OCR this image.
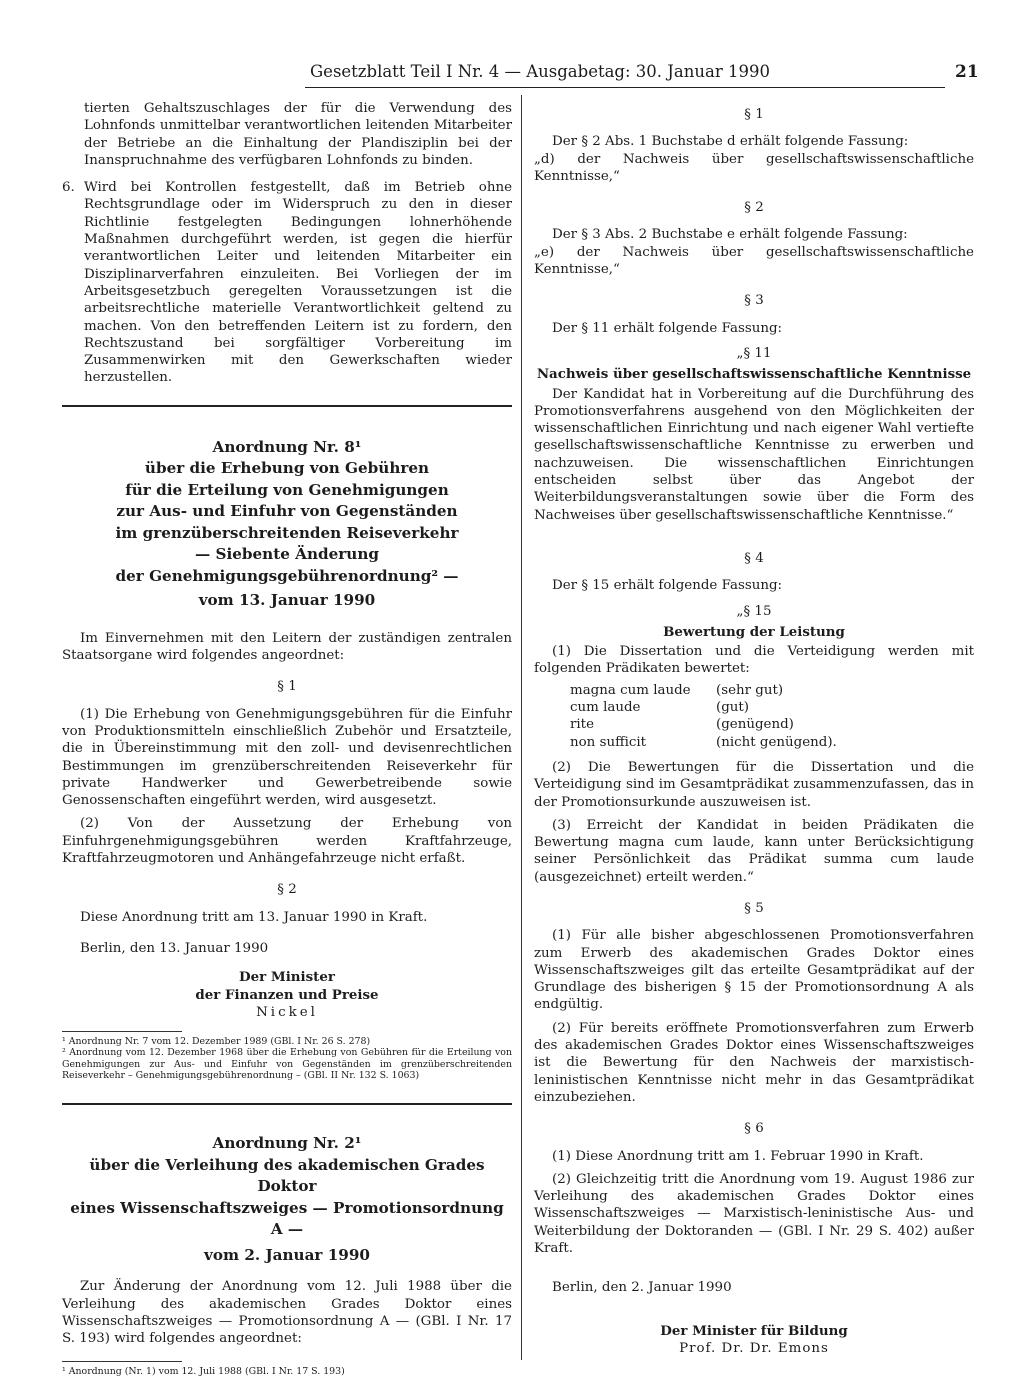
Gesetzblatt Teil I Nr. 4 — Ausgabetag: 30. Januar 1990	21

tierten Gehaltszuschlages der für die Verwendung des Lohnfonds unmittelbar verantwortlichen leitenden Mitarbeiter der Betriebe an die Einhaltung der Plandisziplin bei der Inanspruchnahme des verfügbaren Lohnfonds zu binden.

6. Wird bei Kontrollen festgestellt, daß im Betrieb ohne Rechtsgrundlage oder im Widerspruch zu den in dieser Richtlinie festgelegten Bedingungen lohnerhöhende Maßnahmen durchgeführt werden, ist gegen die hierfür verantwortlichen Leiter und leitenden Mitarbeiter ein Disziplinarverfahren einzuleiten. Bei Vorliegen der im Arbeitsgesetzbuch geregelten Voraussetzungen ist die arbeitsrechtliche materielle Verantwortlichkeit geltend zu machen. Von den betreffenden Leitern ist zu fordern, den Rechtszustand bei sorgfältiger Vorbereitung im Zusammenwirken mit den Gewerkschaften wieder herzustellen.
Anordnung Nr. 8¹
über die Erhebung von Gebühren
für die Erteilung von Genehmigungen
zur Aus- und Einfuhr von Gegenständen
im grenzüberschreitenden Reiseverkehr
— Siebente Änderung
der Genehmigungsgebührenordnung² —
vom 13. Januar 1990

Im Einvernehmen mit den Leitern der zuständigen zentralen Staatsorgane wird folgendes angeordnet:

§ 1

(1) Die Erhebung von Genehmigungsgebühren für die Einfuhr von Produktionsmitteln einschließlich Zubehör und Ersatzteile, die in Übereinstimmung mit den zoll- und devisenrechtlichen Bestimmungen im grenzüberschreitenden Reiseverkehr für private Handwerker und Gewerbetreibende sowie Genossenschaften eingeführt werden, wird ausgesetzt.

(2) Von der Aussetzung der Erhebung von Einfuhrgenehmigungsgebühren werden Kraftfahrzeuge, Kraftfahrzeugmotoren und Anhängefahrzeuge nicht erfaßt.

§ 2

Diese Anordnung tritt am 13. Januar 1990 in Kraft.

Berlin, den 13. Januar 1990

Der Minister
der Finanzen und Preise
Nickel

¹ Anordnung Nr. 7 vom 12. Dezember 1989 (GBl. I Nr. 26 S. 278)

² Anordnung vom 12. Dezember 1968 über die Erhebung von Gebühren für die Erteilung von Genehmigungen zur Aus- und Einfuhr von Gegenständen im grenzüberschreitenden Reiseverkehr – Genehmigungsgebührenordnung – (GBl. II Nr. 132 S. 1063)

Anordnung Nr. 2¹
über die Verleihung des akademischen Grades Doktor
eines Wissenschaftszweiges — Promotionsordnung A —
vom 2. Januar 1990

Zur Änderung der Anordnung vom 12. Juli 1988 über die Verleihung des akademischen Grades Doktor eines Wissenschaftszweiges — Promotionsordnung A — (GBl. I Nr. 17 S. 193) wird folgendes angeordnet:

¹ Anordnung (Nr. 1) vom 12. Juli 1988 (GBl. I Nr. 17 S. 193)

§ 1

Der § 2 Abs. 1 Buchstabe d erhält folgende Fassung:

„d) der Nachweis über gesellschaftswissenschaftliche Kenntnisse,“

§ 2

Der § 3 Abs. 2 Buchstabe e erhält folgende Fassung:

„e) der Nachweis über gesellschaftswissenschaftliche Kenntnisse,“

§ 3

Der § 11 erhält folgende Fassung:

„§ 11
Nachweis über gesellschaftswissenschaftliche Kenntnisse

Der Kandidat hat in Vorbereitung auf die Durchführung des Promotionsverfahrens ausgehend von den Möglichkeiten der wissenschaftlichen Einrichtung und nach eigener Wahl vertiefte gesellschaftswissenschaftliche Kenntnisse zu erwerben und nachzuweisen. Die wissenschaftlichen Einrichtungen entscheiden selbst über das Angebot der Weiterbildungsveranstaltungen sowie über die Form des Nachweises über gesellschaftswissenschaftliche Kenntnisse.“

§ 4

Der § 15 erhält folgende Fassung:

„§ 15
Bewertung der Leistung

(1) Die Dissertation und die Verteidigung werden mit folgenden Prädikaten bewertet:

magna cum laude	(sehr gut)
cum laude	(gut)
rite	(genügend)
non sufficit	(nicht genügend).

(2) Die Bewertungen für die Dissertation und die Verteidigung sind im Gesamtprädikat zusammenzufassen, das in der Promotionsurkunde auszuweisen ist.

(3) Erreicht der Kandidat in beiden Prädikaten die Bewertung magna cum laude, kann unter Berücksichtigung seiner Persönlichkeit das Prädikat summa cum laude (ausgezeichnet) erteilt werden.“

§ 5

(1) Für alle bisher abgeschlossenen Promotionsverfahren zum Erwerb des akademischen Grades Doktor eines Wissenschaftszweiges gilt das erteilte Gesamtprädikat auf der Grundlage des bisherigen § 15 der Promotionsordnung A als endgültig.

(2) Für bereits eröffnete Promotionsverfahren zum Erwerb des akademischen Grades Doktor eines Wissenschaftszweiges ist die Bewertung für den Nachweis der marxistisch-leninistischen Kenntnisse nicht mehr in das Gesamtprädikat einzubeziehen.

§ 6

(1) Diese Anordnung tritt am 1. Februar 1990 in Kraft.

(2) Gleichzeitig tritt die Anordnung vom 19. August 1986 zur Verleihung des akademischen Grades Doktor eines Wissenschaftszweiges — Marxistisch-leninistische Aus- und Weiterbildung der Doktoranden — (GBl. I Nr. 29 S. 402) außer Kraft.

Berlin, den 2. Januar 1990

Der Minister für Bildung
Prof. Dr. Dr. Emons
